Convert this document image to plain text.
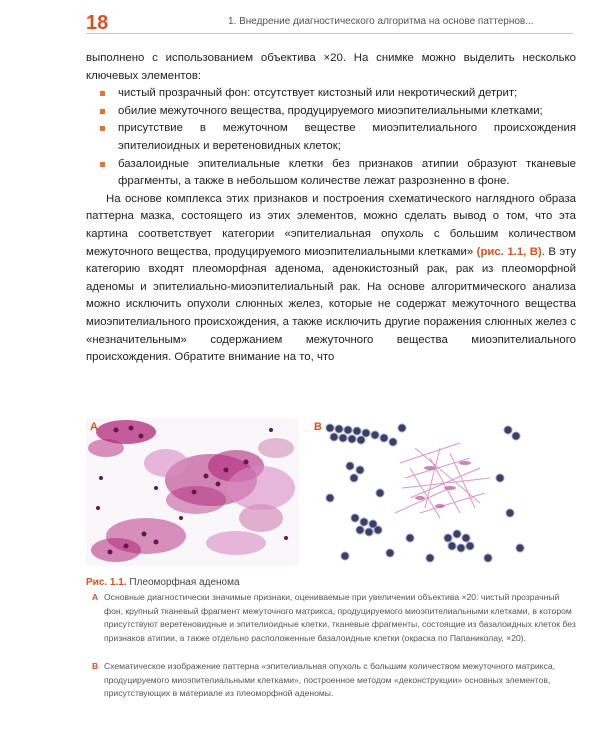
18	1. Внедрение диагностического алгоритма на основе паттернов...

выполнено с использованием объектива ×20. На снимке можно выделить несколько ключевых элементов:

чистый прозрачный фон: отсутствует кистозный или некротический детрит;
обилие межуточного вещества, продуцируемого миоэпителиальными клетками;
присутствие в межуточном веществе миоэпителиального происхождения эпителиоидных и веретеновидных клеток;
базалоидные эпителиальные клетки без признаков атипии образуют тканевые фрагменты, а также в небольшом количестве лежат разрозненно в фоне.

На основе комплекса этих признаков и построения схематического наглядного образа паттерна мазка, состоящего из этих элементов, можно сделать вывод о том, что эта картина соответствует категории «эпителиальная опухоль с большим количеством межуточного вещества, продуцируемого миоэпителиальными клетками» (рис. 1.1, В). В эту категорию входят плеоморфная аденома, аденокистозный рак, рак из плеоморфной аденомы и эпителиально-миоэпителиальный рак. На основе алгоритмического анализа можно исключить опухоли слюнных желез, которые не содержат межуточного вещества миоэпителиального происхождения, а также исключить другие поражения слюнных желез с «незначительным» содержанием межуточного вещества миоэпителиального происхождения. Обратите внимание на то, что

A	B
Рис. 1.1. Плеоморфная аденома
A Основные диагностически значимые признаки, оцениваемые при увеличении объектива ×20: чистый прозрачный фон, крупный тканевый фрагмент межуточного матрикса, продуцируемого миоэпителиальными клетками, в котором присутствуют веретеновидные и эпителиоидные клетки, тканевые фрагменты, состоящие из базалоидных клеток без признаков атипии, а также отдельно расположенные базалоидные клетки (окраска по Папаниколау, ×20).
B Схематическое изображение паттерна «эпителиальная опухоль с большим количеством межуточного матрикса, продуцируемого миоэпителиальными клетками», построенное методом «деконструкции» основных элементов, присутствующих в материале из плеоморфной аденомы.
